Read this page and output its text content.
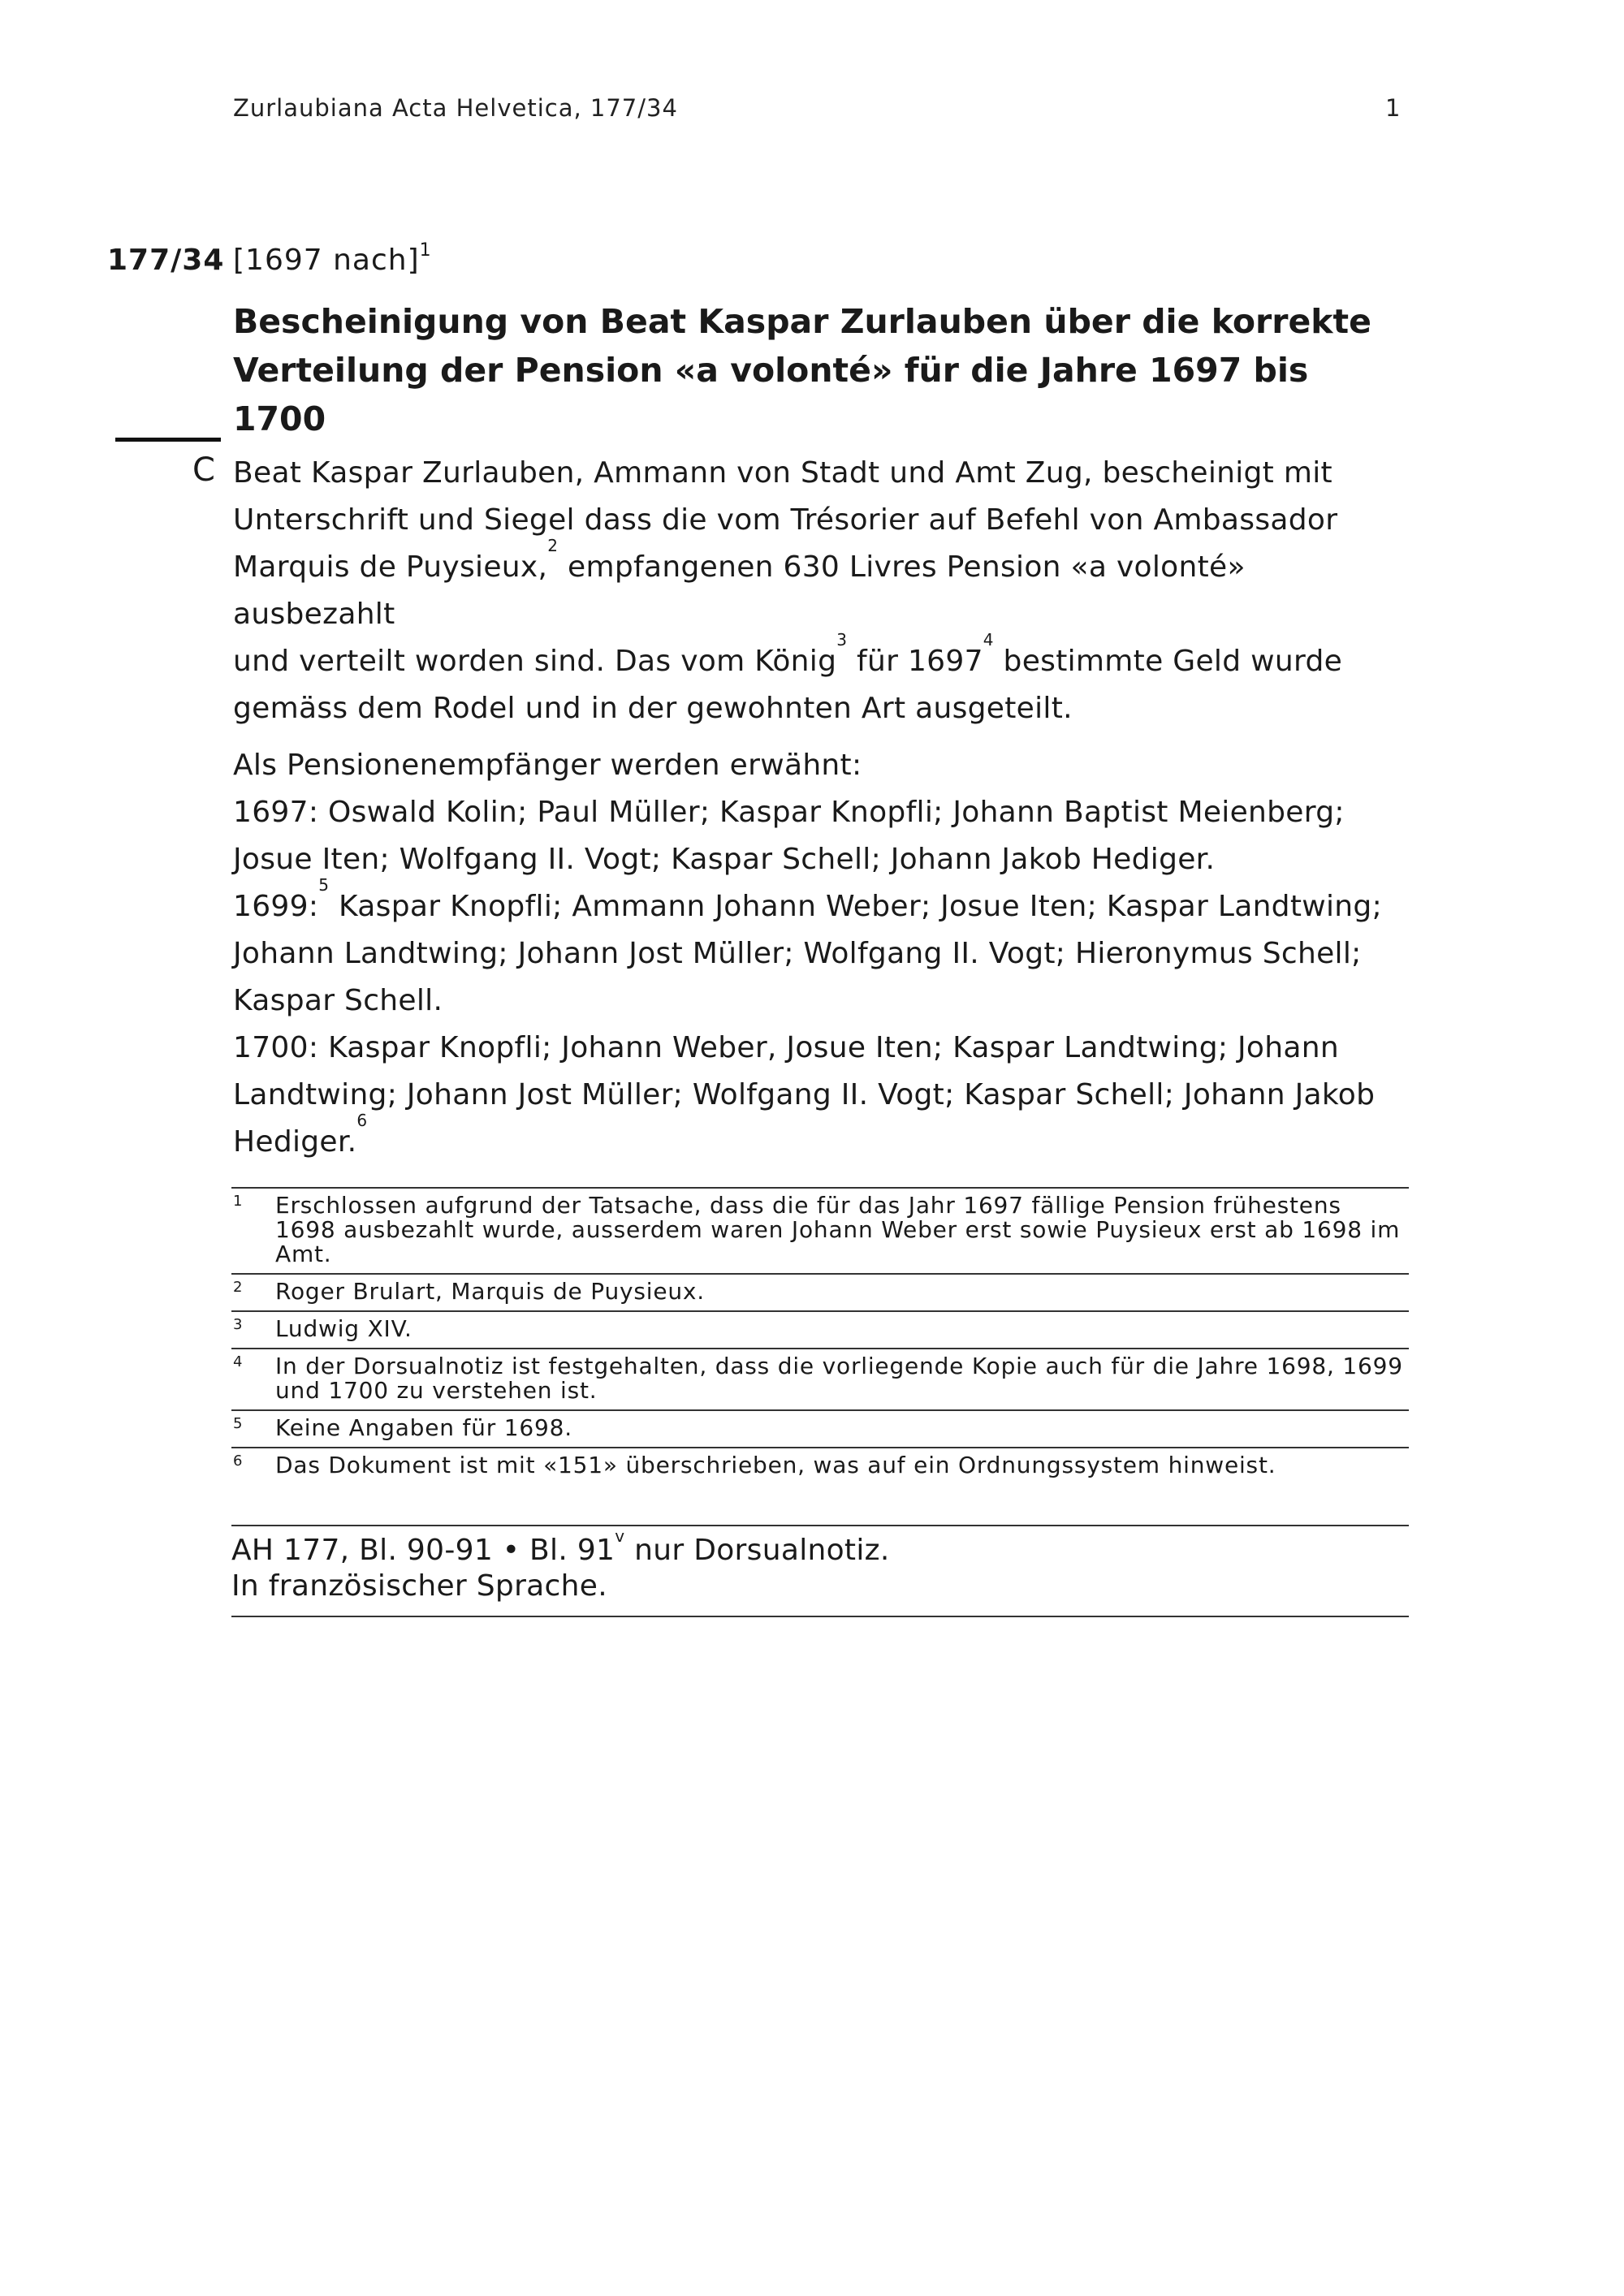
Zurlaubiana Acta Helvetica, 177/34	1
177/34 [1697 nach]$^1$
Bescheinigung von Beat Kaspar Zurlauben über die korrekte
Verteilung der Pension «a volonté» für die Jahre 1697 bis 1700
C Beat Kaspar Zurlauben, Ammann von Stadt und Amt Zug, bescheinigt mit
Unterschrift und Siegel dass die vom Trésorier auf Befehl von Ambassador
Marquis de Puysieux,$^2$ empfangenen 630 Livres Pension «a volonté» ausbezahlt
und verteilt worden sind. Das vom König$^3$ für 1697$^4$ bestimmte Geld wurde
gemäss dem Rodel und in der gewohnten Art ausgeteilt.

Als Pensionenempfänger werden erwähnt:
1697: Oswald Kolin; Paul Müller; Kaspar Knopfli; Johann Baptist Meienberg;
Josue Iten; Wolfgang II. Vogt; Kaspar Schell; Johann Jakob Hediger.
1699:$^5$ Kaspar Knopfli; Ammann Johann Weber; Josue Iten; Kaspar Landtwing;
Johann Landtwing; Johann Jost Müller; Wolfgang II. Vogt; Hieronymus Schell;
Kaspar Schell.
1700: Kaspar Knopfli; Johann Weber, Josue Iten; Kaspar Landtwing; Johann
Landtwing; Johann Jost Müller; Wolfgang II. Vogt; Kaspar Schell; Johann Jakob
Hediger.$^6$

1	Erschlossen aufgrund der Tatsache, dass die für das Jahr 1697 fällige Pension frühestens 1698 ausbezahlt wurde, ausserdem waren Johann Weber erst sowie Puysieux erst ab 1698 im Amt.
2	Roger Brulart, Marquis de Puysieux.
3	Ludwig XIV.
4	In der Dorsualnotiz ist festgehalten, dass die vorliegende Kopie auch für die Jahre 1698, 1699 und 1700 zu verstehen ist.
5	Keine Angaben für 1698.
6	Das Dokument ist mit «151» überschrieben, was auf ein Ordnungssystem hinweist.
AH 177, Bl. 90-91 • Bl. 91$^v$ nur Dorsualnotiz.
In französischer Sprache.
